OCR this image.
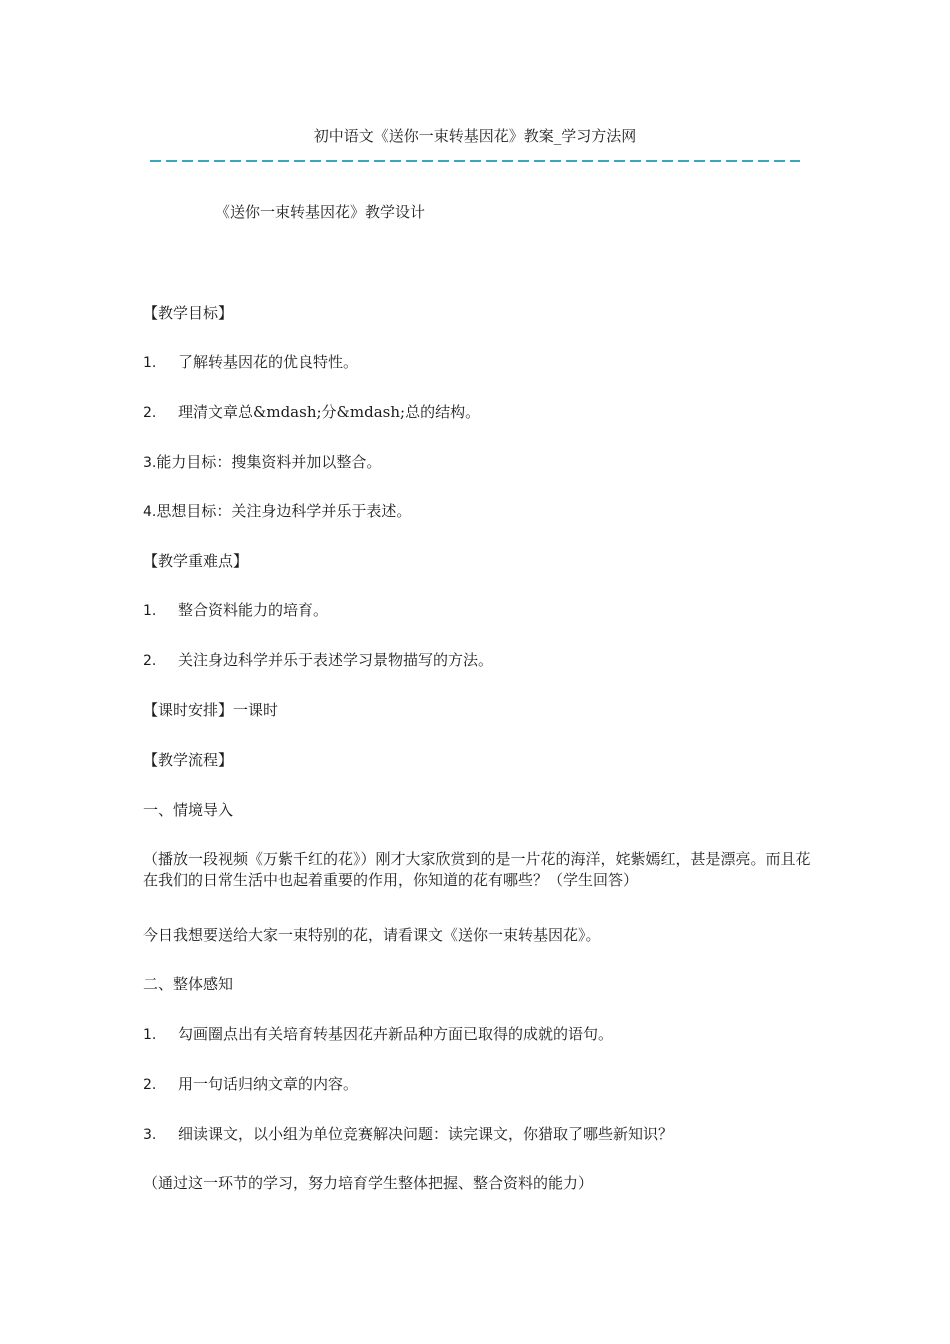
初中语文《送你一束转基因花》教案_学习方法网
《送你一束转基因花》教学设计
【教学目标】
1. 了解转基因花的优良特性。
2. 理清文章总&mdash;分&mdash;总的结构。
3.能力目标：搜集资料并加以整合。
4.思想目标：关注身边科学并乐于表述。
【教学重难点】
1. 整合资料能力的培育。
2. 关注身边科学并乐于表述学习景物描写的方法。
【课时安排】一课时
【教学流程】
一、情境导入
（播放一段视频《万紫千红的花》）刚才大家欣赏到的是一片花的海洋，姹紫嫣红，甚是漂亮。而且花在我们的日常生活中也起着重要的作用，你知道的花有哪些？（学生回答）
今日我想要送给大家一束特别的花，请看课文《送你一束转基因花》。
二、整体感知
1. 勾画圈点出有关培育转基因花卉新品种方面已取得的成就的语句。
2. 用一句话归纳文章的内容。
3. 细读课文，以小组为单位竞赛解决问题：读完课文，你猎取了哪些新知识？
（通过这一环节的学习，努力培育学生整体把握、整合资料的能力）
